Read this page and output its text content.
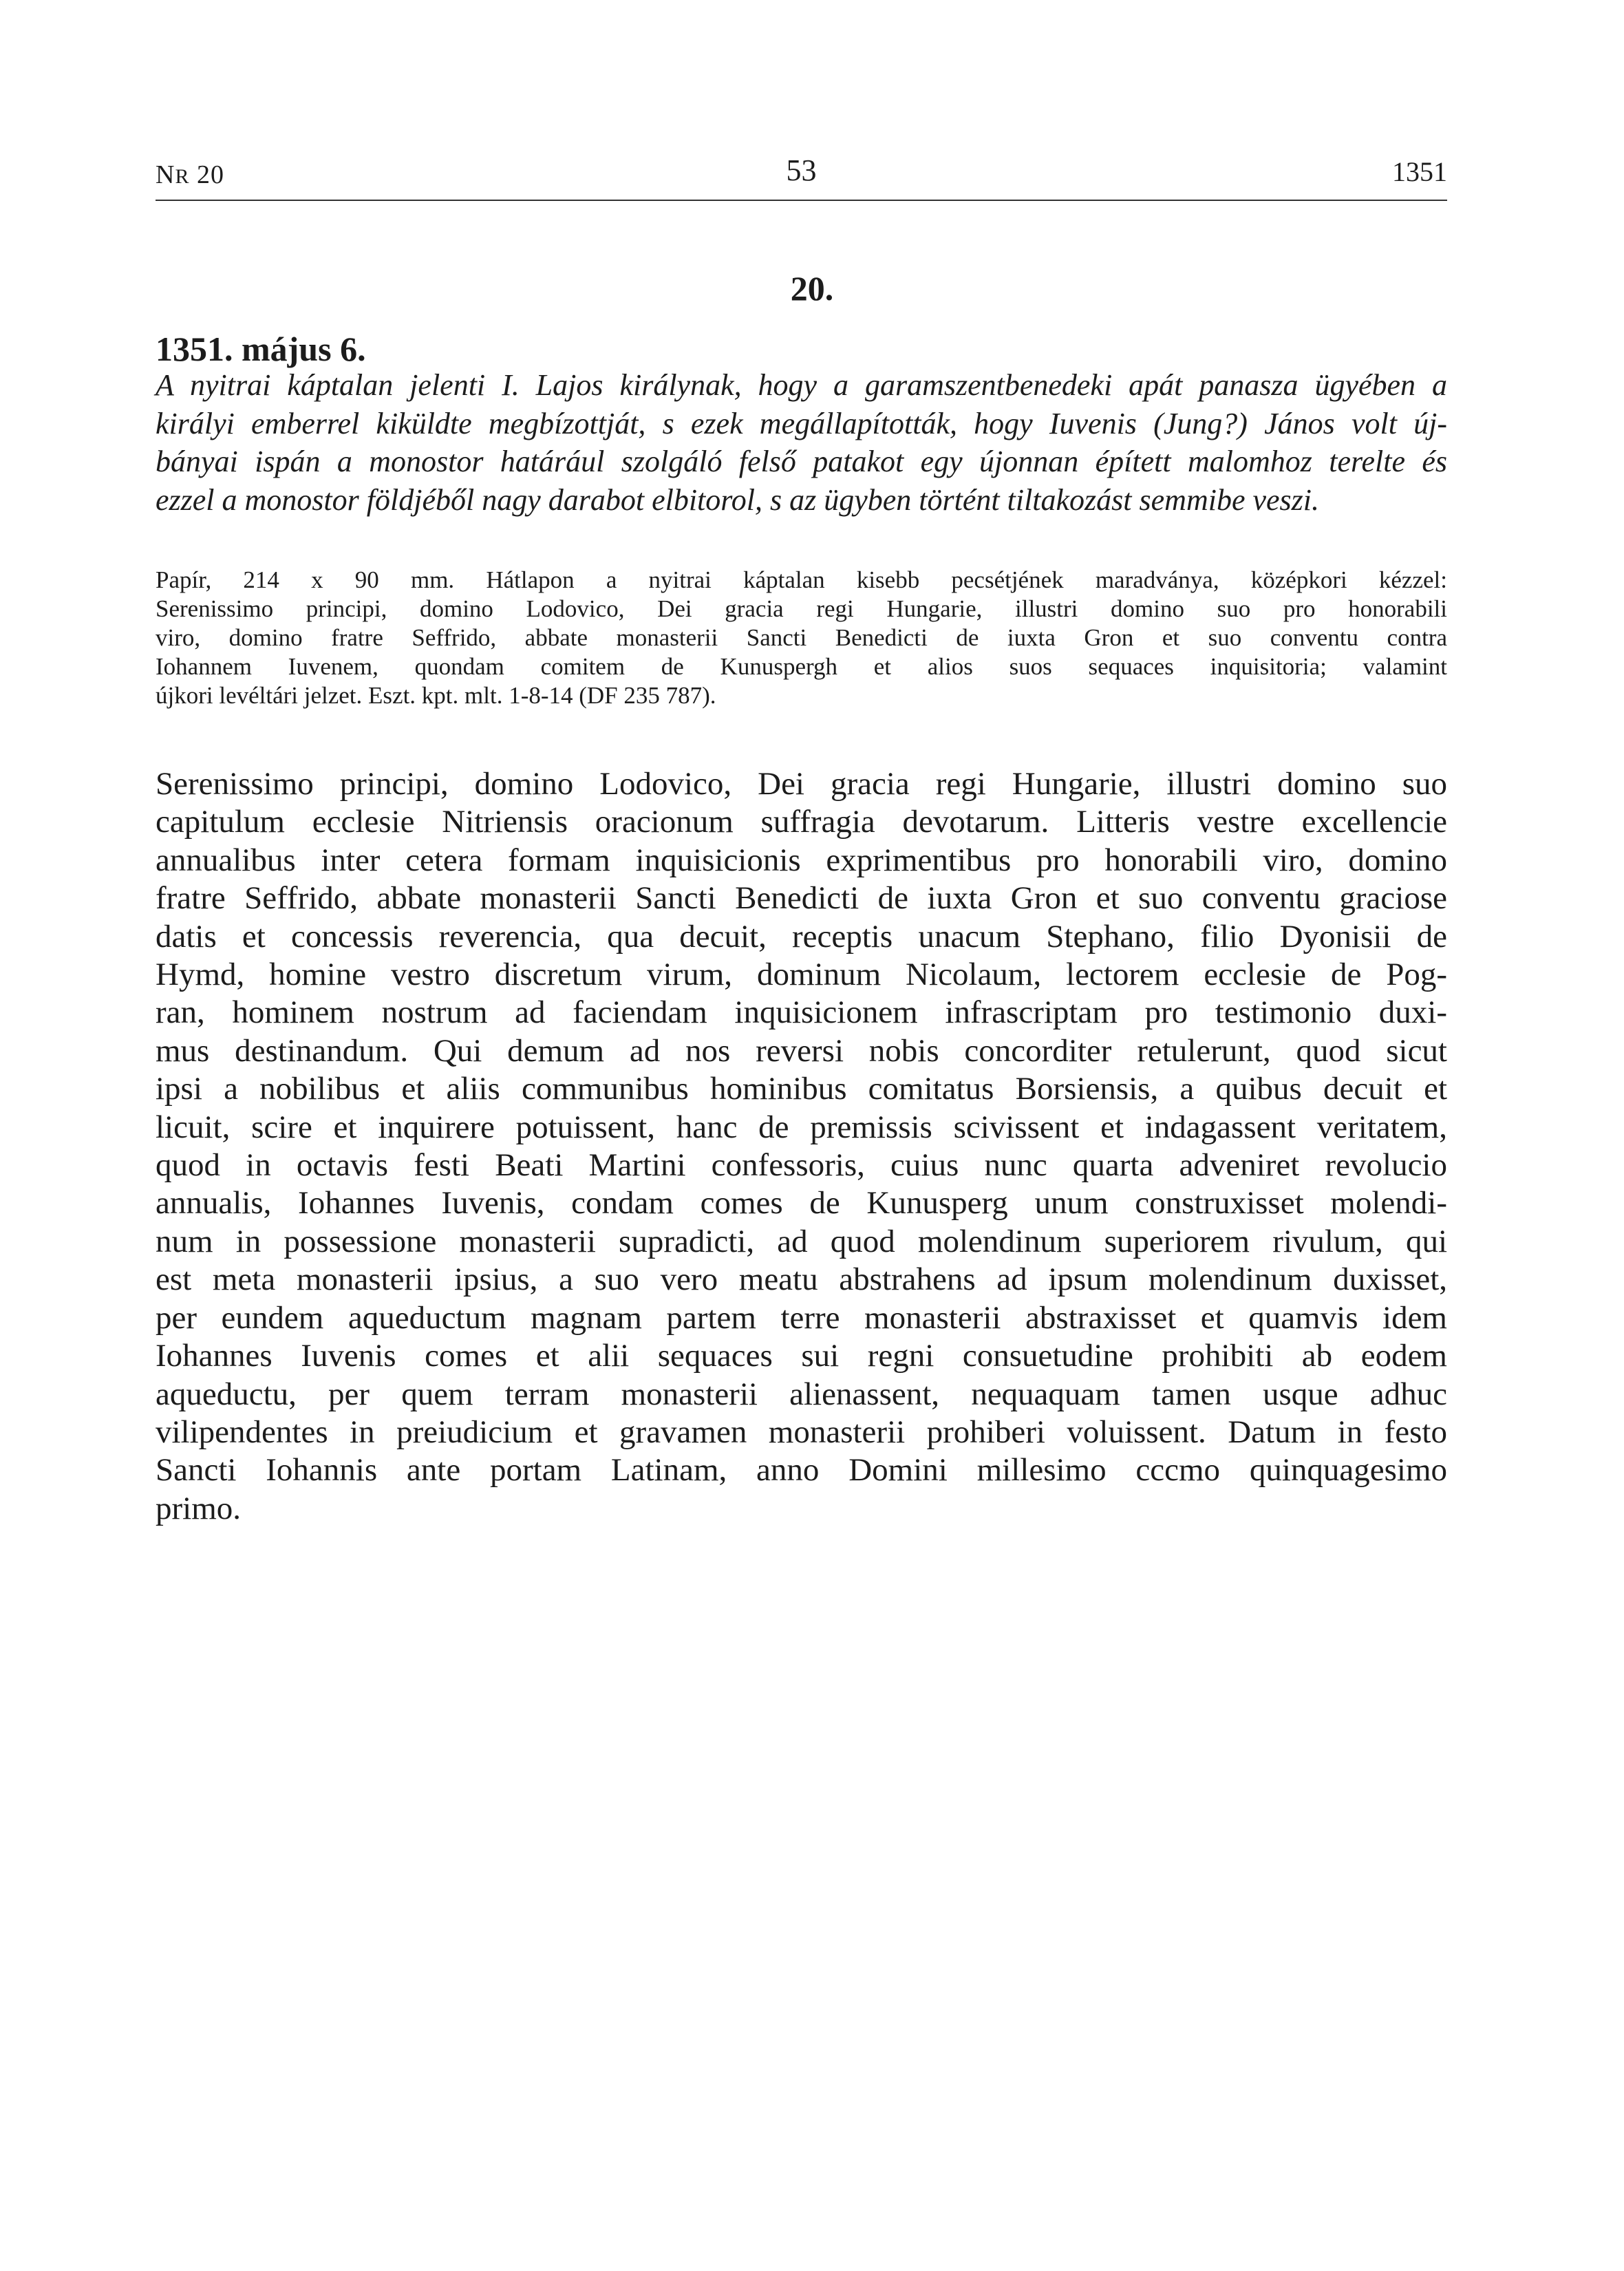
NR 20	53	1351
20.
1351. május 6.
A nyitrai káptalan jelenti I. Lajos királynak, hogy a garamszentbenedeki apát panasza ügyében a
királyi emberrel kiküldte megbízottját, s ezek megállapították, hogy Iuvenis (Jung?) János volt új-
bányai ispán a monostor határául szolgáló felső patakot egy újonnan épített malomhoz terelte és
ezzel a monostor földjéből nagy darabot elbitorol, s az ügyben történt tiltakozást semmibe veszi.
Papír, 214 x 90 mm. Hátlapon a nyitrai káptalan kisebb pecsétjének maradványa, középkori kézzel:
Serenissimo principi, domino Lodovico, Dei gracia regi Hungarie, illustri domino suo pro honorabili
viro, domino fratre Seffrido, abbate monasterii Sancti Benedicti de iuxta Gron et suo conventu contra
Iohannem Iuvenem, quondam comitem de Kunuspergh et alios suos sequaces inquisitoria; valamint
újkori levéltári jelzet. Eszt. kpt. mlt. 1-8-14 (DF 235 787).
Serenissimo principi, domino Lodovico, Dei gracia regi Hungarie, illustri domino suo
capitulum ecclesie Nitriensis oracionum suffragia devotarum. Litteris vestre excellencie
annualibus inter cetera formam inquisicionis exprimentibus pro honorabili viro, domino
fratre Seffrido, abbate monasterii Sancti Benedicti de iuxta Gron et suo conventu graciose
datis et concessis reverencia, qua decuit, receptis unacum Stephano, filio Dyonisii de
Hymd, homine vestro discretum virum, dominum Nicolaum, lectorem ecclesie de Pog-
ran, hominem nostrum ad faciendam inquisicionem infrascriptam pro testimonio duxi-
mus destinandum. Qui demum ad nos reversi nobis concorditer retulerunt, quod sicut
ipsi a nobilibus et aliis communibus hominibus comitatus Borsiensis, a quibus decuit et
licuit, scire et inquirere potuissent, hanc de premissis scivissent et indagassent veritatem,
quod in octavis festi Beati Martini confessoris, cuius nunc quarta adveniret revolucio
annualis, Iohannes Iuvenis, condam comes de Kunusperg unum construxisset molendi-
num in possessione monasterii supradicti, ad quod molendinum superiorem rivulum, qui
est meta monasterii ipsius, a suo vero meatu abstrahens ad ipsum molendinum duxisset,
per eundem aqueductum magnam partem terre monasterii abstraxisset et quamvis idem
Iohannes Iuvenis comes et alii sequaces sui regni consuetudine prohibiti ab eodem
aqueductu, per quem terram monasterii alienassent, nequaquam tamen usque adhuc
vilipendentes in preiudicium et gravamen monasterii prohiberi voluissent. Datum in festo
Sancti Iohannis ante portam Latinam, anno Domini millesimo cccmo quinquagesimo
primo.
